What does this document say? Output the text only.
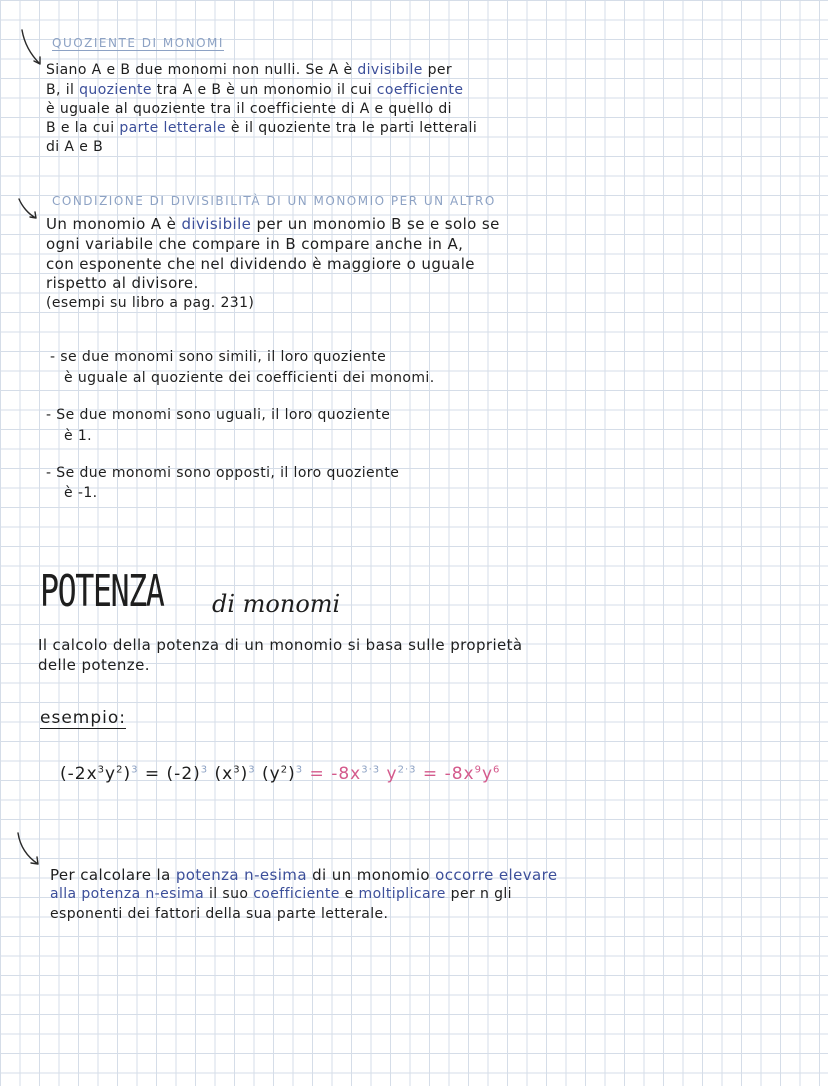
QUOZIENTE DI MONOMI

Siano A e B due monomi non nulli. Se A è divisibile per

B, il quoziente tra A e B è un monomio il cui coefficiente

è uguale al quoziente tra il coefficiente di A e quello di

B e la cui parte letterale è il quoziente tra le parti letterali

di A e B

CONDIZIONE DI DIVISIBILITÀ DI UN MONOMIO PER UN ALTRO

Un monomio A è divisibile per un monomio B se e solo se

ogni variabile che compare in B compare anche in A,

con esponente che nel dividendo è maggiore o uguale

rispetto al divisore.

(esempi su libro a pag. 231)

- se due monomi sono simili, il loro quoziente

è uguale al quoziente dei coefficienti dei monomi.

- Se due monomi sono uguali, il loro quoziente

è 1.

- Se due monomi sono opposti, il loro quoziente

è -1.

POTENZA di monomi

Il calcolo della potenza di un monomio si basa sulle proprietà

delle potenze.

esempio:
$(-2x^3y^2)^3 = (-2)^3$ $(x^3)^3$ $(y^2)^3 = -8x^{3\cdot 3}$ $y^{2\cdot 3} = -8x^9y^6$

Per calcolare la potenza n-esima di un monomio occorre elevare

alla potenza n-esima il suo coefficiente e moltiplicare per n gli

esponenti dei fattori della sua parte letterale.
